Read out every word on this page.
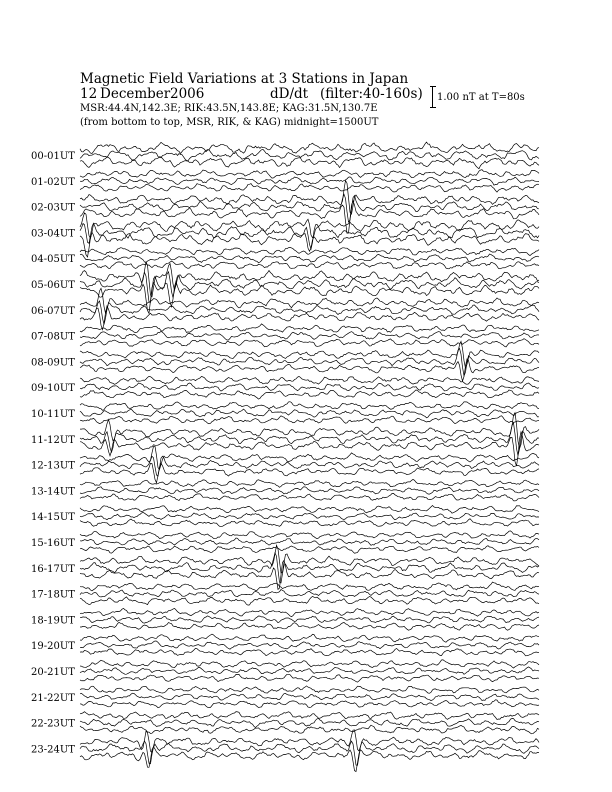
00-01UT
01-02UT
02-03UT
03-04UT
04-05UT
05-06UT
06-07UT
07-08UT
08-09UT
09-10UT
10-11UT
11-12UT
12-13UT
13-14UT
14-15UT
15-16UT
16-17UT
17-18UT
18-19UT
19-20UT
20-21UT
21-22UT
22-23UT
23-24UT
Magnetic Field Variations at 3 Stations in Japan
12 December 2006	dD/dt (filter:40-160s)
MSR:44.4N,142.3E; RIK:43.5N,143.8E; KAG:31.5N,130.7E
(from bottom to top, MSR, RIK, & KAG) midnight=1500UT
1.00 nT at T=80s
